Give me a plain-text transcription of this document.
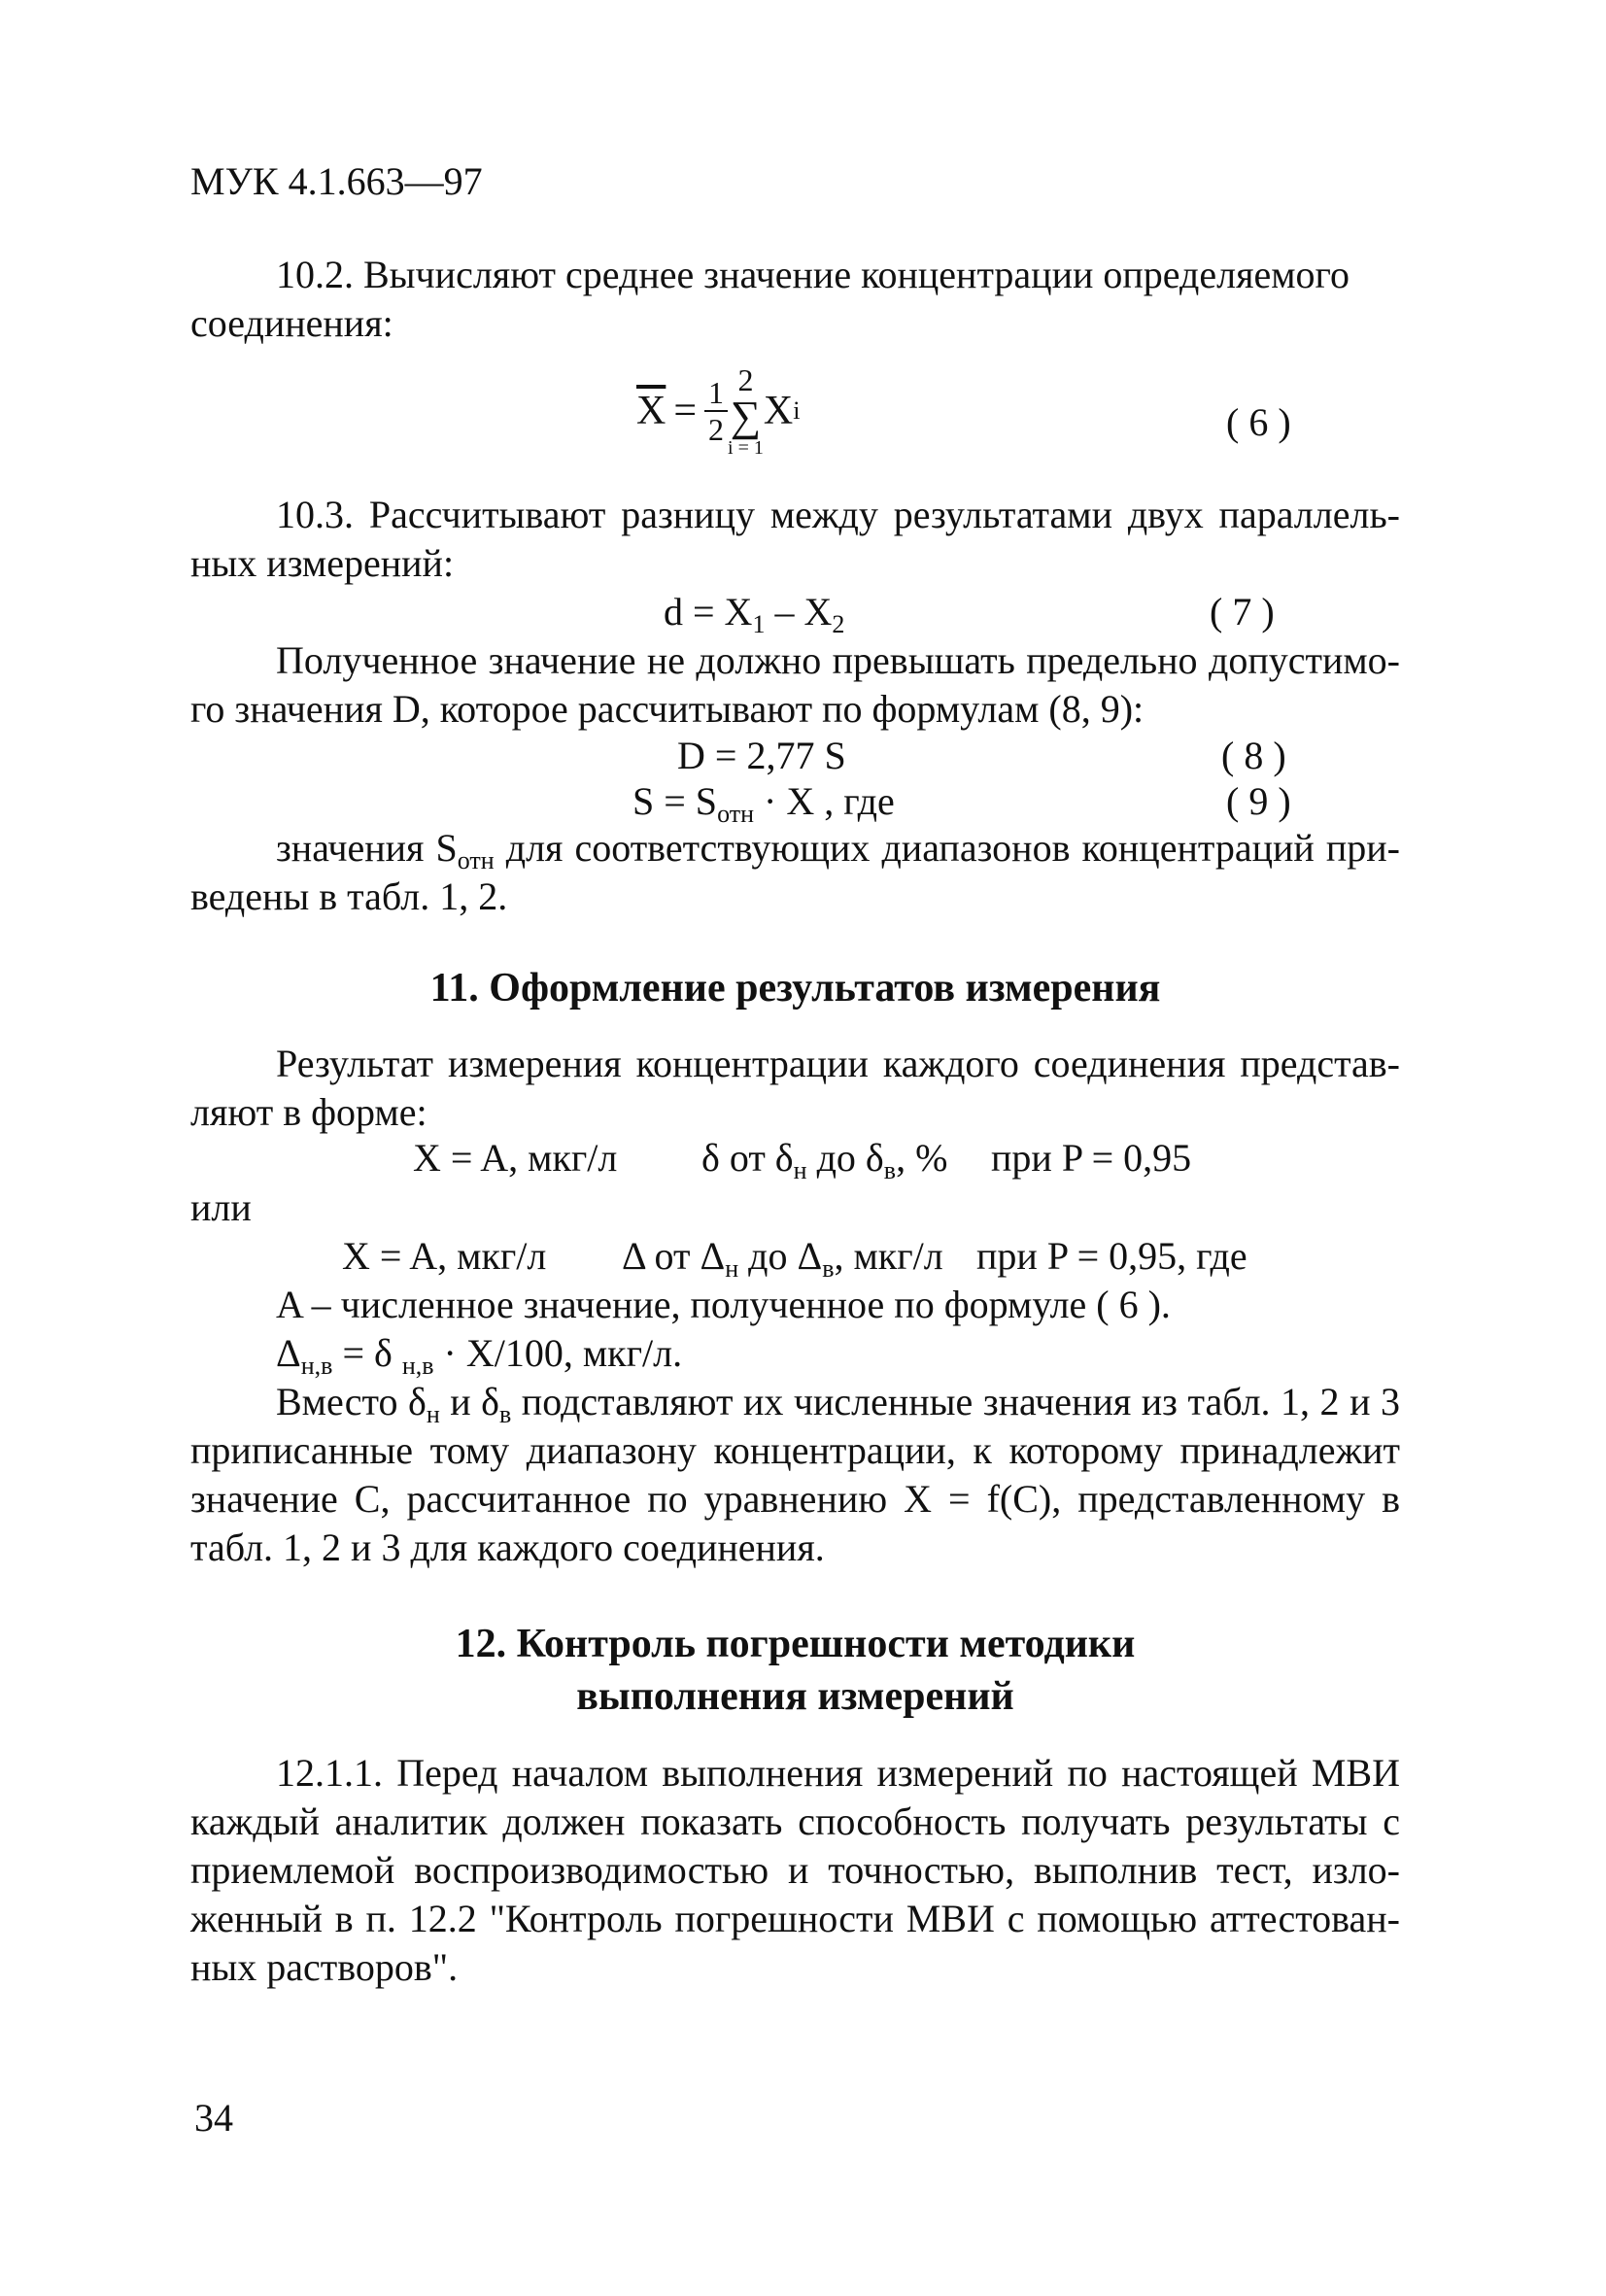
МУК 4.1.663—97
10.2. Вычисляют среднее значение концентрации определяемого
соединения:
$\overline{X} = \frac{1}{2} 2$
∑
i = 1
X i	( 6 )
10.3. Рассчитывают разницу между результатами двух параллель-
ных измерений:
$d = X_1 - X_2$	( 7 )
Полученное значение не должно превышать предельно допустимо-
го значения D, которое рассчитывают по формулам (8, 9):
D = 2,77 S	( 8 )
$S = S_{отн} \cdot X$ , где	( 9 )
значения $S_{отн}$ для соответствующих диапазонов концентраций при-
ведены в табл. 1, 2.
11. Оформление результатов измерения
Результат измерения концентрации каждого соединения представ-
ляют в форме:
X = A, мкг/л δ от $\delta_н$ до $\delta_в$, % при P = 0,95
или
X = A, мкг/л Δ от $\Delta_н$ до $\Delta_в$, мкг/л при P = 0,95, где
A – численное значение, полученное по формуле ( 6 ).
$\Delta_{н,в} = \delta$ $_{н,в}$ · X/100, мкг/л.
Вместо $\delta_н$ и $\delta_в$ подставляют их численные значения из табл. 1, 2 и 3
приписанные тому диапазону концентрации, к которому принадлежит
значение C, рассчитанное по уравнению X = f(C), представленному в
табл. 1, 2 и 3 для каждого соединения.
12. Контроль погрешности методики
выполнения измерений
12.1.1. Перед началом выполнения измерений по настоящей МВИ
каждый аналитик должен показать способность получать результаты с
приемлемой воспроизводимостью и точностью, выполнив тест, изло-
женный в п. 12.2 "Контроль погрешности МВИ с помощью аттестован-
ных растворов".
34
